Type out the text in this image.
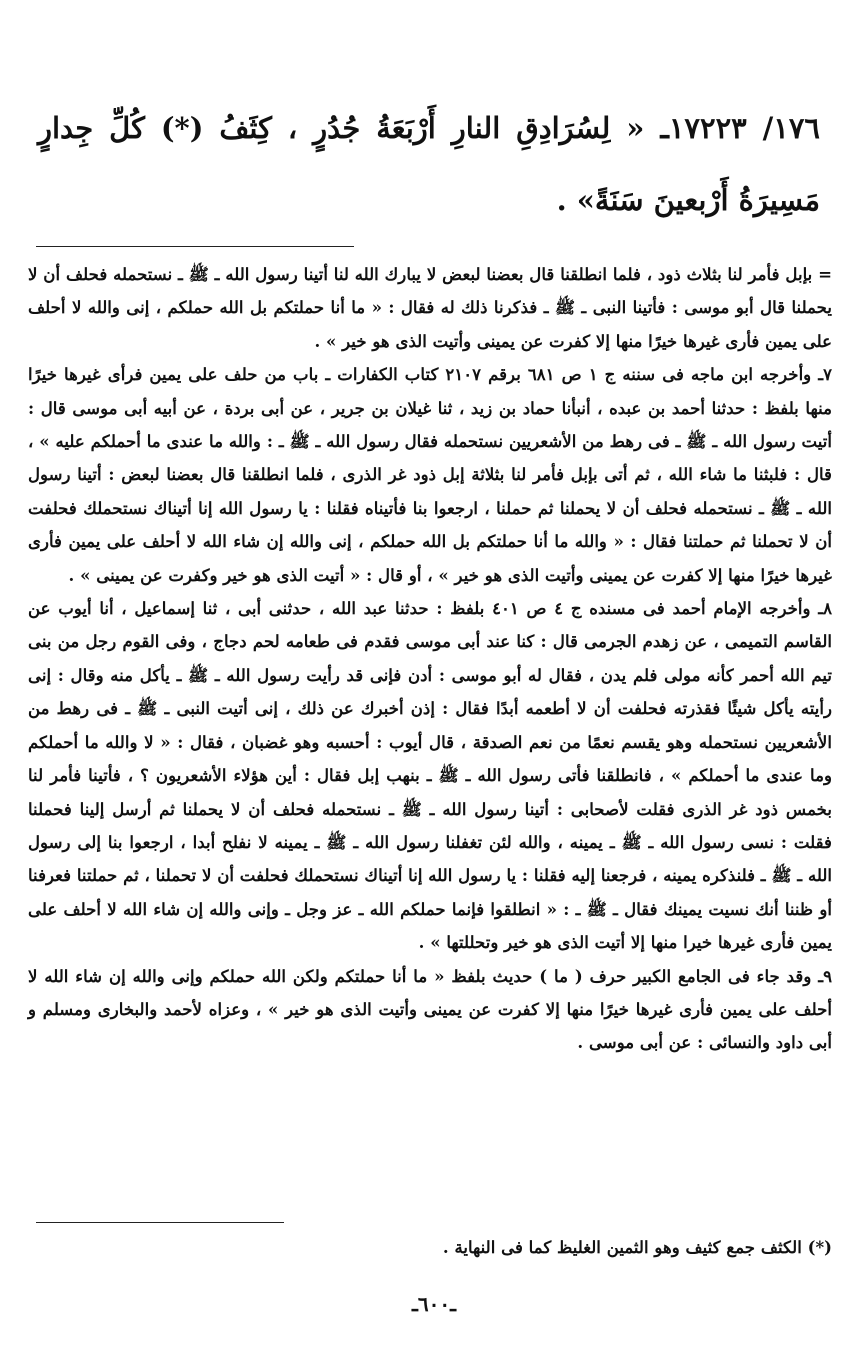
١٧٦/ ١٧٢٢٣ـ « لِسُرَادِقِ النارِ أَرْبَعَةُ جُدُرٍ ، كِثَفُ (*) كُلِّ جِدارٍ مَسِيرَةُ أَرْبعينَ سَنَةً» .

= بإبل فأمر لنا بثلاث ذود ، فلما انطلقنا قال بعضنا لبعض لا يبارك الله لنا أتينا رسول الله ـ ﷺ ـ نستحمله فحلف أن لا يحملنا قال أبو موسى : فأتينا النبى ـ ﷺ ـ فذكرنا ذلك له فقال : « ما أنا حملتكم بل الله حملكم ، إنى والله لا أحلف على يمين فأرى غيرها خيرًا منها إلا كفرت عن يمينى وأتيت الذى هو خير » .

٧ـ وأخرجه ابن ماجه فى سننه ج ١ ص ٦٨١ برقم ٢١٠٧ كتاب الكفارات ـ باب من حلف على يمين فرأى غيرها خيرًا منها بلفظ : حدثنا أحمد بن عبده ، أنبأنا حماد بن زيد ، ثنا غيلان بن جرير ، عن أبى بردة ، عن أبيه أبى موسى قال : أتيت رسول الله ـ ﷺ ـ فى رهط من الأشعريين نستحمله فقال رسول الله ـ ﷺ ـ : والله ما عندى ما أحملكم عليه » ، قال : فلبثنا ما شاء الله ، ثم أتى بإبل فأمر لنا بثلاثة إبل ذود غر الذرى ، فلما انطلقنا قال بعضنا لبعض : أتينا رسول الله ـ ﷺ ـ نستحمله فحلف أن لا يحملنا ثم حملنا ، ارجعوا بنا فأتيناه فقلنا : يا رسول الله إنا أتيناك نستحملك فحلفت أن لا تحملنا ثم حملتنا فقال : « والله ما أنا حملتكم بل الله حملكم ، إنى والله إن شاء الله لا أحلف على يمين فأرى غيرها خيرًا منها إلا كفرت عن يمينى وأتيت الذى هو خير » ، أو قال : « أتيت الذى هو خير وكفرت عن يمينى » .

٨ـ وأخرجه الإمام أحمد فى مسنده ج ٤ ص ٤٠١ بلفظ : حدثنا عبد الله ، حدثنى أبى ، ثنا إسماعيل ، أنا أيوب عن القاسم التميمى ، عن زهدم الجرمى قال : كنا عند أبى موسى فقدم فى طعامه لحم دجاج ، وفى القوم رجل من بنى تيم الله أحمر كأنه مولى فلم يدن ، فقال له أبو موسى : أدن فإنى قد رأيت رسول الله ـ ﷺ ـ يأكل منه وقال : إنى رأيته يأكل شيئًا فقذرته فحلفت أن لا أطعمه أبدًا فقال : إذن أخبرك عن ذلك ، إنى أتيت النبى ـ ﷺ ـ فى رهط من الأشعريين نستحمله وهو يقسم نعمًا من نعم الصدقة ، قال أيوب : أحسبه وهو غضبان ، فقال : « لا والله ما أحملكم وما عندى ما أحملكم » ، فانطلقنا فأتى رسول الله ـ ﷺ ـ بنهب إبل فقال : أين هؤلاء الأشعريون ؟ ، فأتينا فأمر لنا بخمس ذود غر الذرى فقلت لأصحابى : أتينا رسول الله ـ ﷺ ـ نستحمله فحلف أن لا يحملنا ثم أرسل إلينا فحملنا فقلت : نسى رسول الله ـ ﷺ ـ يمينه ، والله لئن تغفلنا رسول الله ـ ﷺ ـ يمينه لا نفلح أبدا ، ارجعوا بنا إلى رسول الله ـ ﷺ ـ فلنذكره يمينه ، فرجعنا إليه فقلنا : يا رسول الله إنا أتيناك نستحملك فحلفت أن لا تحملنا ، ثم حملتنا فعرفنا أو ظننا أنك نسيت يمينك فقال ـ ﷺ ـ : « انطلقوا فإنما حملكم الله ـ عز وجل ـ وإنى والله إن شاء الله لا أحلف على يمين فأرى غيرها خيرا منها إلا أتيت الذى هو خير وتحللتها » .

٩ـ وقد جاء فى الجامع الكبير حرف ( ما ) حديث بلفظ « ما أنا حملتكم ولكن الله حملكم وإنى والله إن شاء الله لا أحلف على يمين فأرى غيرها خيرًا منها إلا كفرت عن يمينى وأتيت الذى هو خير » ، وعزاه لأحمد والبخارى ومسلم و أبى داود والنسائى : عن أبى موسى .

(*) الكثف جمع كثيف وهو الثمين الغليظ كما فى النهاية .
ـ٦٠٠ـ
